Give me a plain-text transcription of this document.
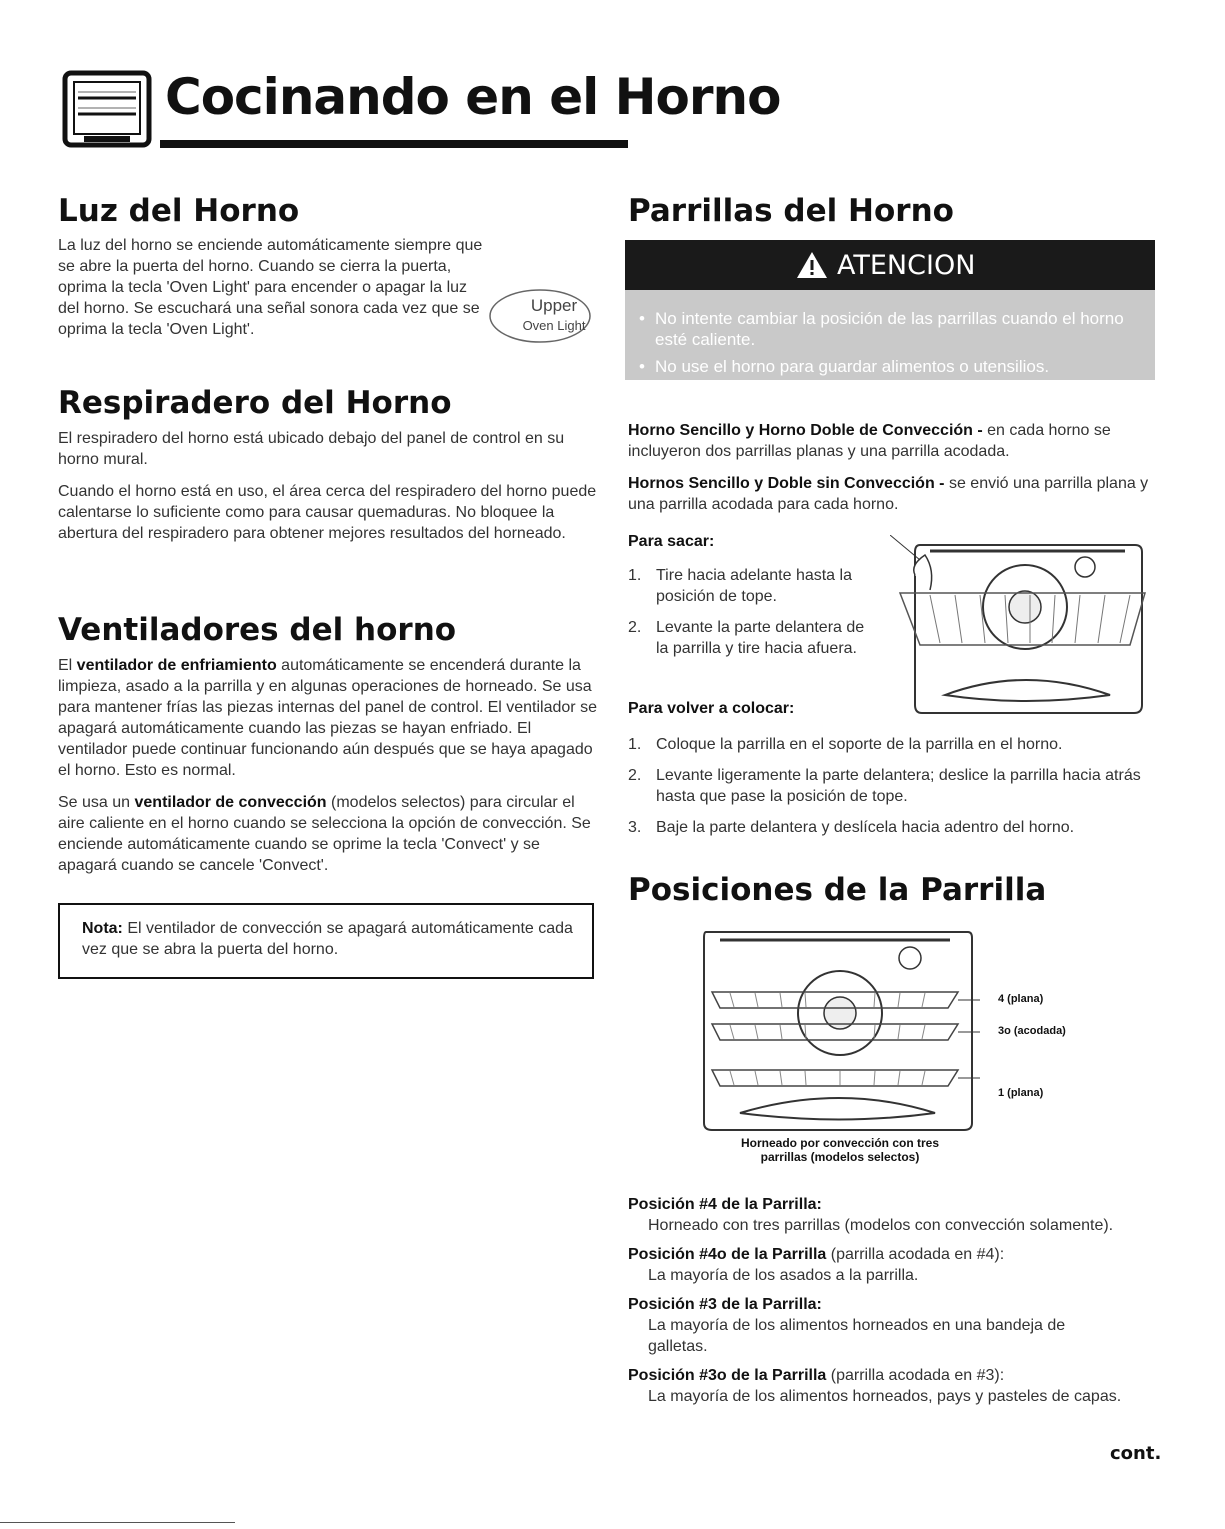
Cocinando en el Horno
Luz del Horno
La luz del horno se enciende automáticamente siempre que se abre la puerta del horno. Cuando se cierra la puerta, oprima la tecla 'Oven Light' para encender o apagar la luz del horno. Se escuchará una señal sonora cada vez que se oprima la tecla 'Oven Light'.
Upper
Oven Light
Respiradero del Horno

El respiradero del horno está ubicado debajo del panel de control en su horno mural.

Cuando el horno está en uso, el área cerca del respiradero del horno puede calentarse lo suficiente como para causar quemaduras. No bloquee la abertura del respiradero para obtener mejores resultados del horneado.

Ventiladores del horno

El ventilador de enfriamiento automáticamente se encenderá durante la limpieza, asado a la parrilla y en algunas operaciones de horneado. Se usa para mantener frías las piezas internas del panel de control. El ventilador se apagará automáticamente cuando las piezas se hayan enfriado. El ventilador puede continuar funcionando aún después que se haya apagado el horno. Esto es normal.

Se usa un ventilador de convección (modelos selectos) para circular el aire caliente en el horno cuando se selecciona la opción de convección. Se enciende automáticamente cuando se oprime la tecla 'Convect' y se apagará cuando se cancele 'Convect'.

Nota: El ventilador de convección se apagará automáticamente cada vez que se abra la puerta del horno.
Parrillas del Horno
ATENCION
• No intente cambiar la posición de las parrillas cuando el horno esté caliente.
• No use el horno para guardar alimentos o utensilios.

Horno Sencillo y Horno Doble de Convección - en cada horno se incluyeron dos parrillas planas y una parrilla acodada.

Hornos Sencillo y Doble sin Convección - se envió una parrilla plana y una parrilla acodada para cada horno.

Para sacar:
1. Tire hacia adelante hasta la posición de tope.
2. Levante la parte delantera de la parrilla y tire hacia afuera.
Para volver a colocar:
1. Coloque la parrilla en el soporte de la parrilla en el horno.
2. Levante ligeramente la parte delantera; deslice la parrilla hacia atrás hasta que pase la posición de tope.
3. Baje la parte delantera y deslícela hacia adentro del horno.
Posiciones de la Parrilla
4 (plana)
3o (acodada)
1 (plana)
Horneado por convección con tres
parrillas (modelos selectos)
Posición #4 de la Parrilla:
Horneado con tres parrillas (modelos con convección solamente).
Posición #4o de la Parrilla (parrilla acodada en #4):
La mayoría de los asados a la parrilla.
Posición #3 de la Parrilla:
La mayoría de los alimentos horneados en una bandeja de galletas.
Posición #3o de la Parrilla (parrilla acodada en #3):
La mayoría de los alimentos horneados, pays y pasteles de capas.
cont.
